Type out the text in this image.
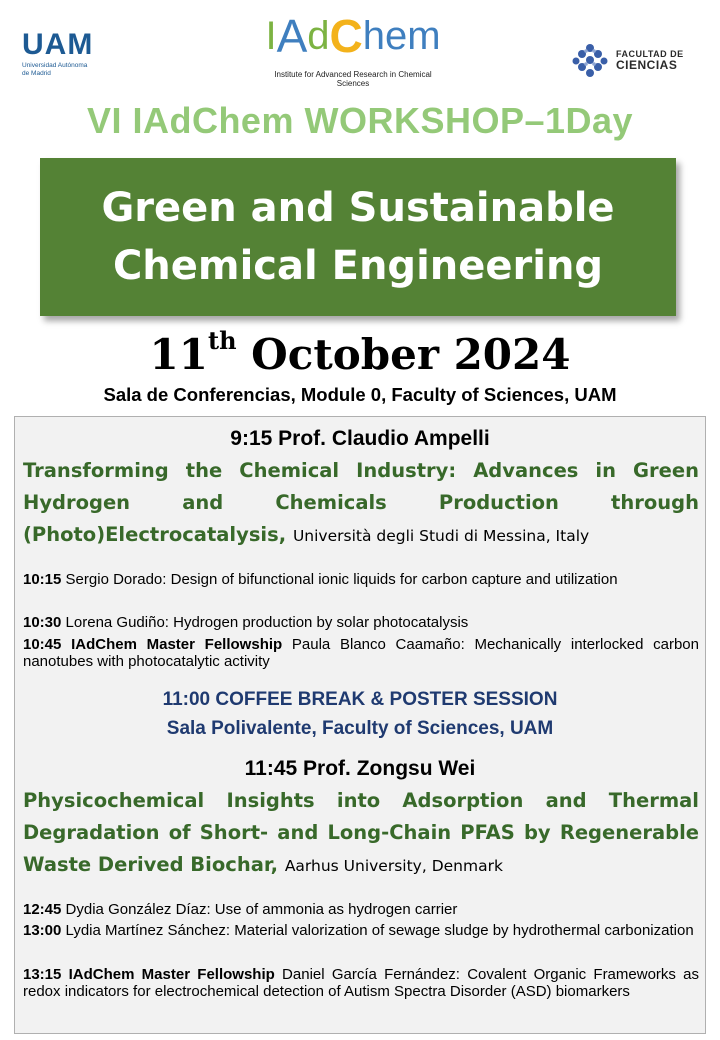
UAM
Universidad Autónoma
de Madrid
I A d C hem
Institute for Advanced Research in Chemical Sciences
FACULTAD DE
CIENCIAS
VI IAdChem WORKSHOP–1Day
Green and Sustainable
Chemical Engineering
11th October 2024
Sala de Conferencias, Module 0, Faculty of Sciences, UAM
9:15 Prof. Claudio Ampelli
Transforming the Chemical Industry: Advances in Green Hydrogen and Chemicals Production through (Photo)Electrocatalysis, Università degli Studi di Messina, Italy
10:15 Sergio Dorado: Design of bifunctional ionic liquids for carbon capture and utilization
10:30 Lorena Gudiño: Hydrogen production by solar photocatalysis
10:45 IAdChem Master Fellowship Paula Blanco Caamaño: Mechanically interlocked carbon nanotubes with photocatalytic activity
11:00 COFFEE BREAK & POSTER SESSION
Sala Polivalente, Faculty of Sciences, UAM
11:45 Prof. Zongsu Wei
Physicochemical Insights into Adsorption and Thermal Degradation of Short- and Long-Chain PFAS by Regenerable Waste Derived Biochar, Aarhus University, Denmark
12:45 Dydia González Díaz: Use of ammonia as hydrogen carrier
13:00 Lydia Martínez Sánchez: Material valorization of sewage sludge by hydrothermal carbonization
13:15 IAdChem Master Fellowship Daniel García Fernández: Covalent Organic Frameworks as redox indicators for electrochemical detection of Autism Spectra Disorder (ASD) biomarkers
